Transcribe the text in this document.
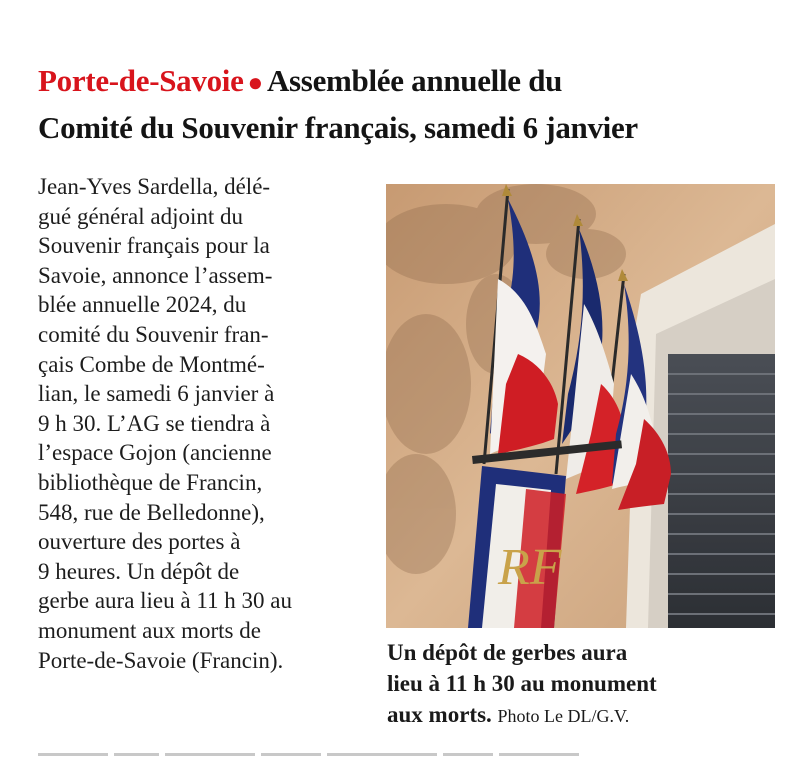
Porte-de-Savoie ● Assemblée annuelle du
Comité du Souvenir français, samedi 6 janvier
Jean-Yves Sardella, délé-
gué général adjoint du
Souvenir français pour la
Savoie, annonce l’assem-
blée annuelle 2024, du
comité du Souvenir fran-
çais Combe de Montmé-
lian, le samedi 6 janvier à
9 h 30. L’AG se tiendra à
l’espace Gojon (ancienne
bibliothèque de Francin,
548, rue de Belledonne),
ouverture des portes à
9 heures. Un dépôt de
gerbe aura lieu à 11 h 30 au
monument aux morts de
Porte-de-Savoie (Francin).
RF
Un dépôt de gerbes aura
lieu à 11 h 30 au monument
aux morts. Photo Le DL/G.V.
